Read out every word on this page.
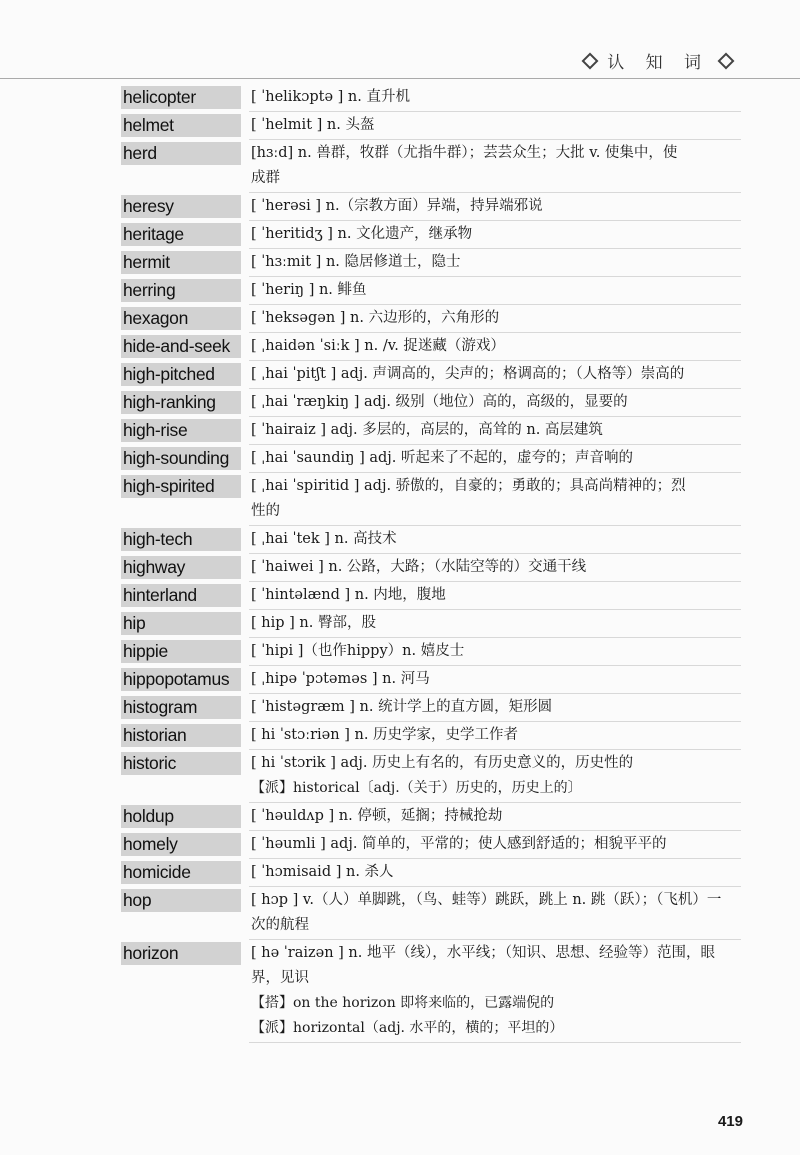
认 知 词
helicopter	[ ˈhelikɔptə ] n. 直升机
helmet	[ ˈhelmit ] n. 头盔
herd	[hɜːd] n. 兽群，牧群（尤指牛群）；芸芸众生；大批 v. 使集中，使
成群
heresy	[ ˈherəsi ] n.（宗教方面）异端，持异端邪说
heritage	[ ˈheritidʒ ] n. 文化遗产，继承物
hermit	[ ˈhɜːmit ] n. 隐居修道士，隐士
herring	[ ˈheriŋ ] n. 鲱鱼
hexagon	[ ˈheksəgən ] n. 六边形的，六角形的
hide-and-seek	[ ˌhaidən ˈsiːk ] n. /v. 捉迷藏（游戏）
high-pitched	[ ˌhai ˈpitʃt ] adj. 声调高的，尖声的；格调高的；（人格等）崇高的
high-ranking	[ ˌhai ˈræŋkiŋ ] adj. 级别（地位）高的，高级的，显要的
high-rise	[ ˈhairaiz ] adj. 多层的，高层的，高耸的 n. 高层建筑
high-sounding	[ ˌhai ˈsaundiŋ ] adj. 听起来了不起的，虚夸的；声音响的
high-spirited	[ ˌhai ˈspiritid ] adj. 骄傲的，自豪的；勇敢的；具高尚精神的；烈
性的
high-tech	[ ˌhai ˈtek ] n. 高技术
highway	[ ˈhaiwei ] n. 公路，大路；（水陆空等的）交通干线
hinterland	[ ˈhintəlænd ] n. 内地，腹地
hip	[ hip ] n. 臀部，股
hippie	[ ˈhipi ]（也作hippy）n. 嬉皮士
hippopotamus	[ ˌhipə ˈpɔtəməs ] n. 河马
histogram	[ ˈhistəgræm ] n. 统计学上的直方圆，矩形圆
historian	[ hi ˈstɔːriən ] n. 历史学家，史学工作者
historic	[ hi ˈstɔrik ] adj. 历史上有名的，有历史意义的，历史性的
【派】historical〔adj.（关于）历史的，历史上的〕
holdup	[ ˈhəuldʌp ] n. 停顿，延搁；持械抢劫
homely	[ ˈhəumli ] adj. 简单的，平常的；使人感到舒适的；相貌平平的
homicide	[ ˈhɔmisaid ] n. 杀人
hop	[ hɔp ] v.（人）单脚跳，（鸟、蛙等）跳跃，跳上 n. 跳（跃）；（飞机）一
次的航程
horizon	[ hə ˈraizən ] n. 地平（线），水平线；（知识、思想、经验等）范围，眼
界，见识
【搭】on the horizon 即将来临的，已露端倪的
【派】horizontal（adj. 水平的，横的；平坦的）
419
